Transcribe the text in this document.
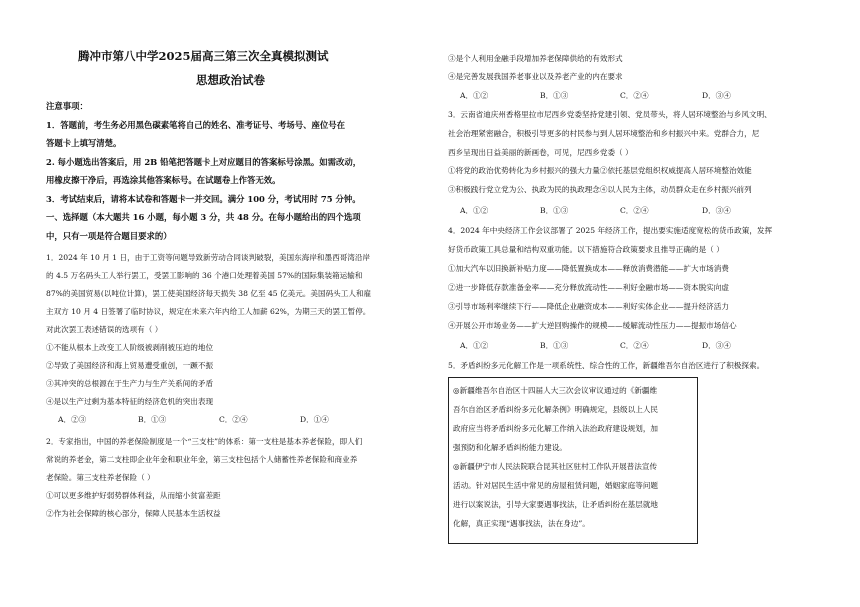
腾冲市第八中学2025届高三第三次全真模拟测试
思想政治试卷
注意事项：
1．答题前，考生务必用黑色碳素笔将自己的姓名、准考证号、考场号、座位号在
答题卡上填写清楚。
2. 每小题选出答案后，用 2B 铅笔把答题卡上对应题目的答案标号涂黑。如需改动，
用橡皮擦干净后，再选涂其他答案标号。在试题卷上作答无效。
3．考试结束后，请将本试卷和答题卡一并交回。满分 100 分，考试用时 75 分钟。
一、选择题（本大题共 16 小题，每小题 3 分，共 48 分。在每小题给出的四个选项
中，只有一项是符合题目要求的）
1．2024 年 10 月 1 日，由于工资等问题导致新劳动合同谈判破裂，美国东海岸和墨西哥湾沿岸
的 4.5 万名码头工人举行罢工，受罢工影响的 36 个港口处理着美国 57%的国际集装箱运输和
87%的美国贸易(以吨位计算)，罢工使美国经济每天损失 38 亿至 45 亿美元。美国码头工人和雇
主双方 10 月 4 日签署了临时协议，规定在未来六年内给工人加薪 62%，为期三天的罢工暂停。
对此次罢工表述错误的选项有（ ）
①不能从根本上改变工人阶级被剥削被压迫的地位
②导致了美国经济和海上贸易遭受重创，一蹶不振
③其冲突的总根源在于生产力与生产关系间的矛盾
④是以生产过剩为基本特征的经济危机的突出表现
A．②③	B．①③	C．②④	D．①④
2．专家指出，中国的养老保险制度是一个“三支柱”的体系：第一支柱是基本养老保险，即人们
常说的养老金，第二支柱即企业年金和职业年金，第三支柱包括个人储蓄性养老保险和商业养
老保险。第三支柱养老保险（ ）
①可以更多维护好弱势群体利益，从而缩小贫富差距
②作为社会保障的核心部分，保障人民基本生活权益
③是个人利用金融手段增加养老保障供给的有效形式
④是完善发展我国养老事业以及养老产业的内在要求
A．①②	B．①③	C．②④	D．③④
3．云南省迪庆州香格里拉市尼西乡党委坚持党建引领、党员带头，将人居环境整治与乡风文明、
社会治理紧密融合，积极引导更多的村民参与到人居环境整治和乡村振兴中来。党群合力，尼
西乡呈现出日益美丽的新画卷，可见，尼西乡党委（ ）
①将党的政治优势转化为乡村振兴的强大力量②依托基层党组织权威提高人居环境整治效能
③积极践行党立党为公、执政为民的执政理念④以人民为主体，动员群众走在乡村振兴前列
A．①②	B．①③	C．②④	D．③④
4．2024 年中央经济工作会议部署了 2025 年经济工作，提出要实施适度宽松的货币政策，发挥
好货币政策工具总量和结构双重功能。以下措施符合政策要求且推导正确的是（ ）
①加大汽车以旧换新补贴力度——降低置换成本——释放消费潜能——扩大市场消费
②进一步降低存款准备金率——充分释放流动性——利好金融市场——资本脱实向虚
③引导市场利率继续下行——降低企业融资成本——利好实体企业——提升经济活力
④开展公开市场业务——扩大逆回购操作的规模——缓解流动性压力——提振市场信心
A．①②	B．①③	C．②④	D．③④
5．矛盾纠纷多元化解工作是一项系统性、综合性的工作，新疆维吾尔自治区进行了积极探索。
◎新疆维吾尔自治区十四届人大三次会议审议通过的《新疆维
吾尔自治区矛盾纠纷多元化解条例》明确规定，县级以上人民
政府应当将矛盾纠纷多元化解工作纳入法治政府建设规划，加
强预防和化解矛盾纠纷能力建设。
◎新疆伊宁市人民法院联合昆其社区驻村工作队开展普法宣传
活动。针对居民生活中常见的房屋租赁问题，婚姻家庭等问题
进行以案说法，引导大家要遇事找法，让矛盾纠纷在基层就地
化解，真正实现“遇事找法，法在身边”。
